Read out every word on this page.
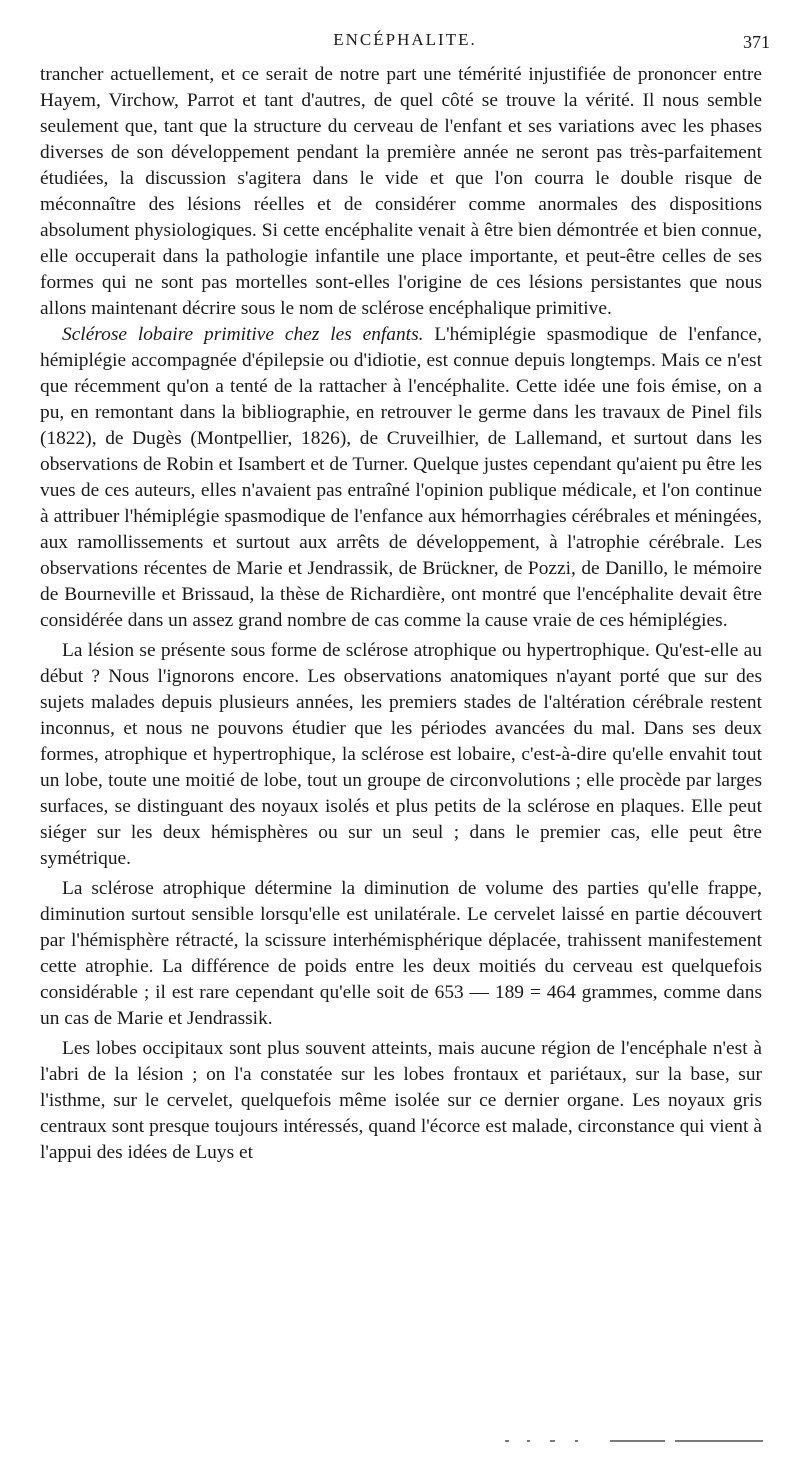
ENCÉPHALITE.	371

trancher actuellement, et ce serait de notre part une témérité injustifiée de prononcer entre Hayem, Virchow, Parrot et tant d'autres, de quel côté se trouve la vérité. Il nous semble seulement que, tant que la structure du cerveau de l'enfant et ses variations avec les phases diverses de son développement pendant la première année ne seront pas très-parfaitement étudiées, la discussion s'agitera dans le vide et que l'on courra le double risque de méconnaître des lésions réelles et de considérer comme anormales des dispositions absolument physiologiques. Si cette encéphalite venait à être bien démontrée et bien connue, elle occuperait dans la pathologie infantile une place importante, et peut-être celles de ses formes qui ne sont pas mortelles sont-elles l'origine de ces lésions persistantes que nous allons maintenant décrire sous le nom de sclérose encéphalique primitive.

Sclérose lobaire primitive chez les enfants. L'hémiplégie spasmodique de l'enfance, hémiplégie accompagnée d'épilepsie ou d'idiotie, est connue depuis longtemps. Mais ce n'est que récemment qu'on a tenté de la rattacher à l'encéphalite. Cette idée une fois émise, on a pu, en remontant dans la bibliographie, en retrouver le germe dans les travaux de Pinel fils (1822), de Dugès (Montpellier, 1826), de Cruveilhier, de Lallemand, et surtout dans les observations de Robin et Isambert et de Turner. Quelque justes cependant qu'aient pu être les vues de ces auteurs, elles n'avaient pas entraîné l'opinion publique médicale, et l'on continue à attribuer l'hémiplégie spasmodique de l'enfance aux hémorrhagies cérébrales et méningées, aux ramollissements et surtout aux arrêts de développement, à l'atrophie cérébrale. Les observations récentes de Marie et Jendrassik, de Brückner, de Pozzi, de Danillo, le mémoire de Bourneville et Brissaud, la thèse de Richardière, ont montré que l'encéphalite devait être considérée dans un assez grand nombre de cas comme la cause vraie de ces hémiplégies.

La lésion se présente sous forme de sclérose atrophique ou hypertrophique. Qu'est-elle au début ? Nous l'ignorons encore. Les observations anatomiques n'ayant porté que sur des sujets malades depuis plusieurs années, les premiers stades de l'altération cérébrale restent inconnus, et nous ne pouvons étudier que les périodes avancées du mal. Dans ses deux formes, atrophique et hypertrophique, la sclérose est lobaire, c'est-à-dire qu'elle envahit tout un lobe, toute une moitié de lobe, tout un groupe de circonvolutions ; elle procède par larges surfaces, se distinguant des noyaux isolés et plus petits de la sclérose en plaques. Elle peut siéger sur les deux hémisphères ou sur un seul ; dans le premier cas, elle peut être symétrique.

La sclérose atrophique détermine la diminution de volume des parties qu'elle frappe, diminution surtout sensible lorsqu'elle est unilatérale. Le cervelet laissé en partie découvert par l'hémisphère rétracté, la scissure interhémisphérique déplacée, trahissent manifestement cette atrophie. La différence de poids entre les deux moitiés du cerveau est quelquefois considérable ; il est rare cependant qu'elle soit de 653 — 189 = 464 grammes, comme dans un cas de Marie et Jendrassik.

Les lobes occipitaux sont plus souvent atteints, mais aucune région de l'encéphale n'est à l'abri de la lésion ; on l'a constatée sur les lobes frontaux et pariétaux, sur la base, sur l'isthme, sur le cervelet, quelquefois même isolée sur ce dernier organe. Les noyaux gris centraux sont presque toujours intéressés, quand l'écorce est malade, circonstance qui vient à l'appui des idées de Luys et
